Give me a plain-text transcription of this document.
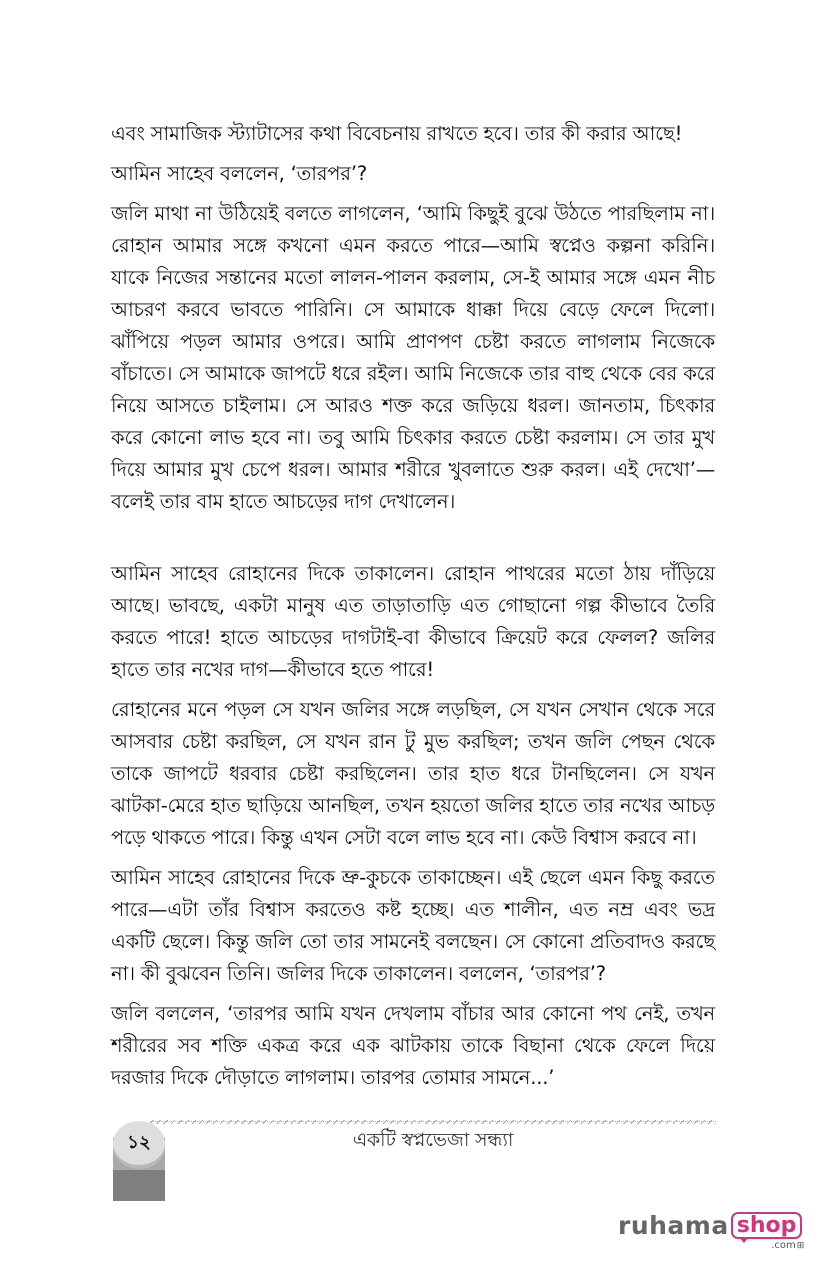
এবং সামাজিক স্ট্যাটাসের কথা বিবেচনায় রাখতে হবে। তার কী করার আছে!

আমিন সাহেব বললেন, ‘তারপর’?

জলি মাথা না উঠিয়েই বলতে লাগলেন, ‘আমি কিছুই বুঝে উঠতে পারছিলাম না। রোহান আমার সঙ্গে কখনো এমন করতে পারে—আমি স্বপ্নেও কল্পনা করিনি। যাকে নিজের সন্তানের মতো লালন-পালন করলাম, সে-ই আমার সঙ্গে এমন নীচ আচরণ করবে ভাবতে পারিনি। সে আমাকে ধাক্কা দিয়ে বেড়ে ফেলে দিলো। ঝাঁপিয়ে পড়ল আমার ওপরে। আমি প্রাণপণ চেষ্টা করতে লাগলাম নিজেকে বাঁচাতে। সে আমাকে জাপটে ধরে রইল। আমি নিজেকে তার বাহু থেকে বের করে নিয়ে আসতে চাইলাম। সে আরও শক্ত করে জড়িয়ে ধরল। জানতাম, চিৎকার করে কোনো লাভ হবে না। তবু আমি চিৎকার করতে চেষ্টা করলাম। সে তার মুখ দিয়ে আমার মুখ চেপে ধরল। আমার শরীরে খুবলাতে শুরু করল। এই দেখো’—বলেই তার বাম হাতে আচড়ের দাগ দেখালেন।

আমিন সাহেব রোহানের দিকে তাকালেন। রোহান পাথরের মতো ঠায় দাঁড়িয়ে আছে। ভাবছে, একটা মানুষ এত তাড়াতাড়ি এত গোছানো গল্প কীভাবে তৈরি করতে পারে! হাতে আচড়ের দাগটাই-বা কীভাবে ক্রিয়েট করে ফেলল? জলির হাতে তার নখের দাগ—কীভাবে হতে পারে!

রোহানের মনে পড়ল সে যখন জলির সঙ্গে লড়ছিল, সে যখন সেখান থেকে সরে আসবার চেষ্টা করছিল, সে যখন রান টু মুভ করছিল; তখন জলি পেছন থেকে তাকে জাপটে ধরবার চেষ্টা করছিলেন। তার হাত ধরে টানছিলেন। সে যখন ঝাটকা-মেরে হাত ছাড়িয়ে আনছিল, তখন হয়তো জলির হাতে তার নখের আচড় পড়ে থাকতে পারে। কিন্তু এখন সেটা বলে লাভ হবে না। কেউ বিশ্বাস করবে না।

আমিন সাহেব রোহানের দিকে ভ্রু-কুচকে তাকাচ্ছেন। এই ছেলে এমন কিছু করতে পারে—এটা তাঁর বিশ্বাস করতেও কষ্ট হচ্ছে। এত শালীন, এত নম্র এবং ভদ্র একটি ছেলে। কিন্তু জলি তো তার সামনেই বলছেন। সে কোনো প্রতিবাদও করছে না। কী বুঝবেন তিনি। জলির দিকে তাকালেন। বললেন, ‘তারপর’?

জলি বললেন, ‘তারপর আমি যখন দেখলাম বাঁচার আর কোনো পথ নেই, তখন শরীরের সব শক্তি একত্র করে এক ঝাটকায় তাকে বিছানা থেকে ফেলে দিয়ে দরজার দিকে দৌড়াতে লাগলাম। তারপর তোমার সামনে...’

১২	একটি স্বপ্নভেজা সন্ধ্যা
ruhama shop
.com⊞
